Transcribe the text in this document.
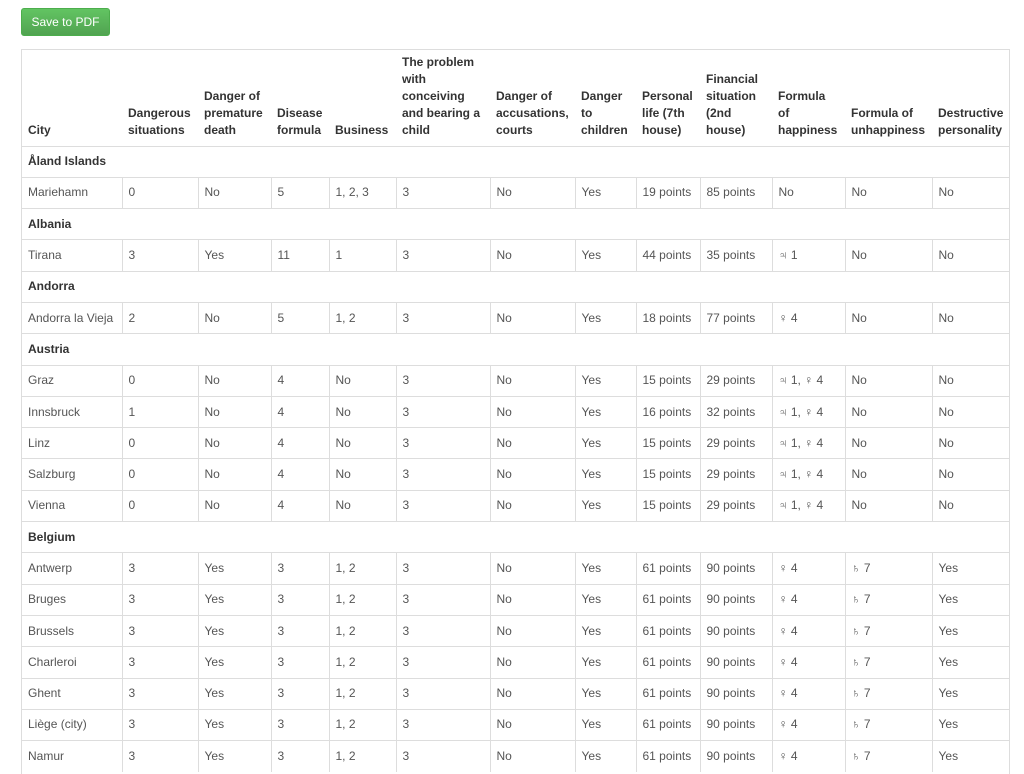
Save to PDF
City	Dangerous situations	Danger of premature death	Disease formula	Business	The problem with conceiving and bearing a child	Danger of accusations, courts	Danger to children	Personal life (7th house)	Financial situation (2nd house)	Formula of happiness	Formula of unhappiness	Destructive personality
Åland Islands												
Mariehamn	0	No	5	1, 2, 3	3	No	Yes	19 points	85 points	No	No	No
Albania												
Tirana	3	Yes	11	1	3	No	Yes	44 points	35 points	♃ 1	No	No
Andorra												
Andorra la Vieja	2	No	5	1, 2	3	No	Yes	18 points	77 points	♀ 4	No	No
Austria												
Graz	0	No	4	No	3	No	Yes	15 points	29 points	♃ 1, ♀ 4	No	No
Innsbruck	1	No	4	No	3	No	Yes	16 points	32 points	♃ 1, ♀ 4	No	No
Linz	0	No	4	No	3	No	Yes	15 points	29 points	♃ 1, ♀ 4	No	No
Salzburg	0	No	4	No	3	No	Yes	15 points	29 points	♃ 1, ♀ 4	No	No
Vienna	0	No	4	No	3	No	Yes	15 points	29 points	♃ 1, ♀ 4	No	No
Belgium												
Antwerp	3	Yes	3	1, 2	3	No	Yes	61 points	90 points	♀ 4	♄ 7	Yes
Bruges	3	Yes	3	1, 2	3	No	Yes	61 points	90 points	♀ 4	♄ 7	Yes
Brussels	3	Yes	3	1, 2	3	No	Yes	61 points	90 points	♀ 4	♄ 7	Yes
Charleroi	3	Yes	3	1, 2	3	No	Yes	61 points	90 points	♀ 4	♄ 7	Yes
Ghent	3	Yes	3	1, 2	3	No	Yes	61 points	90 points	♀ 4	♄ 7	Yes
Liège (city)	3	Yes	3	1, 2	3	No	Yes	61 points	90 points	♀ 4	♄ 7	Yes
Namur	3	Yes	3	1, 2	3	No	Yes	61 points	90 points	♀ 4	♄ 7	Yes
